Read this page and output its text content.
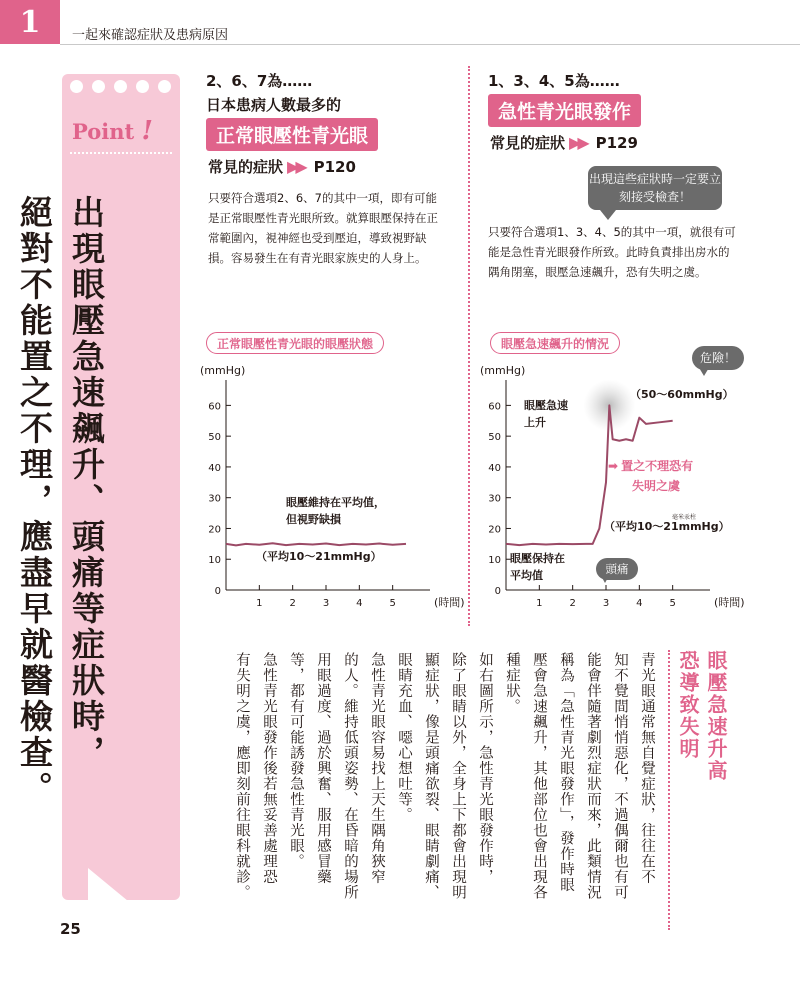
1	一起來確認症狀及患病原因
Point !
出現眼壓急速飆升、頭痛等症狀時，
絕對不能置之不理，應盡早就醫檢查。
2、6、7為……
日本患病人數最多的
正常眼壓性青光眼
常見的症狀 ▶▶ P120
只要符合選項2、6、7的其中一項，即有可能是正常眼壓性青光眼所致。就算眼壓保持在正常範圍內，視神經也受到壓迫，導致視野缺損。容易發生在有青光眼家族史的人身上。
1、3、4、5為……
急性青光眼發作
常見的症狀 ▶▶ P129
出現這些症狀時一定要立刻接受檢查！
只要符合選項1、3、4、5的其中一項，就很有可能是急性青光眼發作所致。此時負責排出房水的隅角閉塞，眼壓急速飆升，恐有失明之虞。
正常眼壓性青光眼的眼壓狀態
(mmHg)
0
10
20
30
40
50
60
1	2	3	4	5	(時間)
眼壓維持在平均值，
但視野缺損
（平均10～21mmHg）
眼壓急速飆升的情況
(mmHg)
0
10
20
30
40
50
60
1	2	3	4	5	(時間)
危險！
（50～60mmHg）
眼壓急速
上升
➡ 置之不理恐有
失明之虞
毫米汞柱
（平均10～21mmHg）
眼壓保持在
平均值	頭痛
眼壓急速升高
恐導致失明
青光眼通常無自覺症狀，往往在不
知不覺間悄悄惡化，不過偶爾也有可
能會伴隨著劇烈症狀而來，此類情況
稱為「急性青光眼發作」，發作時眼
壓會急速飆升，其他部位也會出現各
種症狀。
如右圖所示，急性青光眼發作時，
除了眼睛以外，全身上下都會出現明
顯症狀，像是頭痛欲裂、眼睛劇痛、
眼睛充血、噁心想吐等。
急性青光眼容易找上天生隅角狹窄
的人。維持低頭姿勢、在昏暗的場所
用眼過度、過於興奮、服用感冒藥
等，都有可能誘發急性青光眼。
急性青光眼發作後若無妥善處理恐
有失明之虞，應即刻前往眼科就診。
25
